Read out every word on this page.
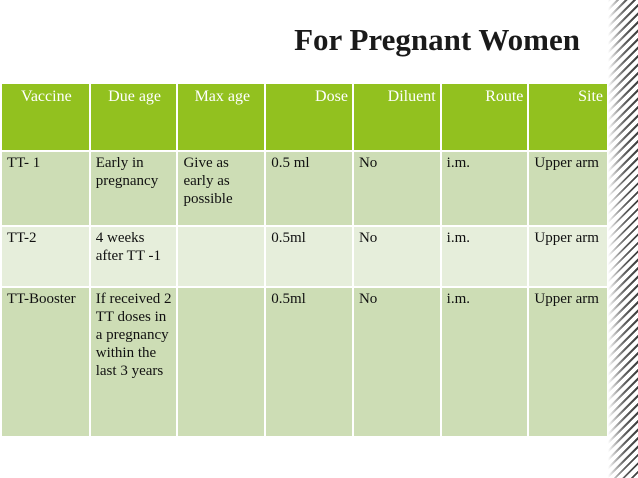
For Pregnant Women
Vaccine	Due age	Max age	Dose	Diluent	Route	Site
TT- 1	Early in pregnancy	Give as early as possible	0.5 ml	No	i.m.	Upper arm
TT-2	4 weeks after TT -1		0.5ml	No	i.m.	Upper arm
TT-Booster	If received 2 TT doses in a pregnancy within the last 3 years		0.5ml	No	i.m.	Upper arm
